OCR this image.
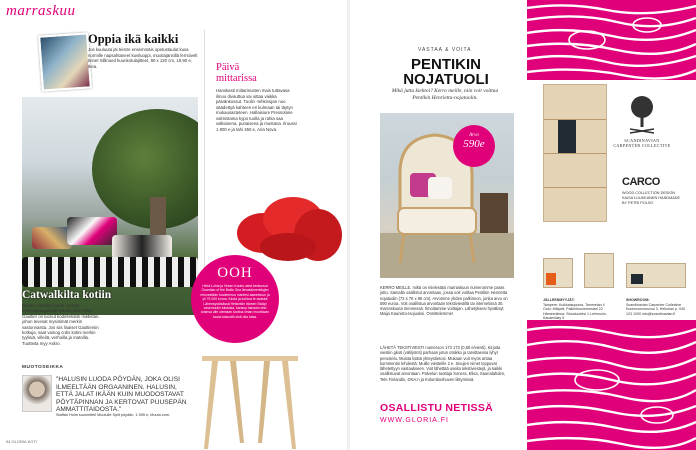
marraskuu
Oppia ikä kaikki
Jos kuuluuta jäi teistre ensemmäis opetustaulut kuva normille napsahtaneet kuviluoppi, muotiajänsillä ferrsiivelt tinnet Sillinoed kuunkotulajitteet, 90 x 120 cm, 19,90 e, Ikea.
Catwalkilta kotiin
Muoten suosittu hauto couture muusuuttuuppidun ladulat Jean Paul Gaultier on luonut kodintekstiili mallistan, johon tevesat mysiöimät merkin vastonnaista. Jos siis lisaiset Gaultiersin kotkuja, saat vainog crdis kotini merkin tyylisiä, villeilä, verhoilla ja matoilla. Tuotteita myy Askro.
Päivä
mittarissa
Hanskasti mittarinusten mais tuttavasa ilmoo divauttua vai oittaa vaikka päivänkossut. Tuolin -tehkinujan nuo säädettyä kahteen eri kulmaan tai täytyn mukausasteteen. Hallaisiure Pressolane valmistama kypo tuolla ja rahia saa valkoisena, punaisena ja mustana. Ilruussi 1 800 e ja tahi 450 e, Aria Nova.
OOH
Hetul Lohia ja Vesen Koubu west kerkunsut Guardian of the Baltic Sea lievaskimerkityjen eriuvestään tuudeemuu mantesi aaweeluun ja yli 75 000 euroa. Kinda ja kohtua te avastut Lähensystäsässä Helsinkiin Itämeri Sisäpi vasemuulin tuistoisa, kanssa hansain olisi orainsa alle olemaan tuottoa ilman muuttavan tuoda laisuuttii sinä olla tutsa.
MUOTOSEIKKA
"HALUSIN LUODA PÖYDÄN, JOKA OLISI ILMEELTÄÄN ORGAANINEN. HALUSIN, ETTÄ JALAT IKÄÄN KUIN MUODOSTAVAT PÖYTÄPINNAN JA KERTOVAT PUUSEPÄN AMMATTITAIDOSTA."
Staffan Holm suunnitteli Muutuile Split pöydän, 1 595 e, Muuto.com.
94 GLORIA KOTI
VASTAA & VOITA
PENTIKIN
NOJATUOLI
Mikä juttu kiehtoi? Kerro meille, niin voit voittaa Pentikin Henrietta-nojatuolin.
Arvo
590e
KERRO MEILLE, mikä on mielestäsi marraskuun numeromme paras juttu. Samalla osallistut arvontaan, jossa voit voittaa Pentikin Henrietta nojatuolin (72 x 76 x 96 cm). Arvomme yhden palkinnon, jonka arvo on 590 euroa. Voit osallistua arvontaan tekstiviestillä tai internetissä 30. marraskuuta mennessä. Ilmoitamme voittajan. Lähetyksesi hyväksyt Maija Kaunisto-Isojuoksi. Onnittelemme!
LÄHETÄ TEKSTIVIESTI numeroon 173 173 (0,60 e/viesti). Kirjoita viestiin gkoti (välilyönti) parhaan jutun otsikko ja tarvittaessa lyhyt perustelu. Muista lisätä yhteystietosi. Mukaan voit myös antaa kommentin lehdestä. Muille viesteille 2 e. Sivujen nimet loppuvat lähetettyyn vastaukseen. Voit lähettää useita tekstiviestejä, ja kaikki osallistuvat arvontaan. Palvelun tuottaja Sonera, Elisa, Saunalahden, Tele Finlandin, DNA:n ja Kolumbushuven liittymissä.
OSALLISTU NETISSÄ
WWW.GLORIA.FI
SCANDINAVIAN CARPENTER COLLECTIVE
CARCO
WOOD COLLECTION DESIGN KAISA LUUKKANEN HANDMADE BY PETRI POLSO
JÄLLEENMYYJÄT:
Tampere: Kuikkaisupuina, Tammelan 4 Oulu: Mätpeli, Palkinhuonemestari 22 Hämeenlinna: Slouduudesi 1 Lehmuolo, Kauamöaty 5
SHOWROOM:
Scandinavian Carpenter Collective Kuninnonnousvuu 3, Heinolan p. 040 123 1000 info@scandinavian.fi
